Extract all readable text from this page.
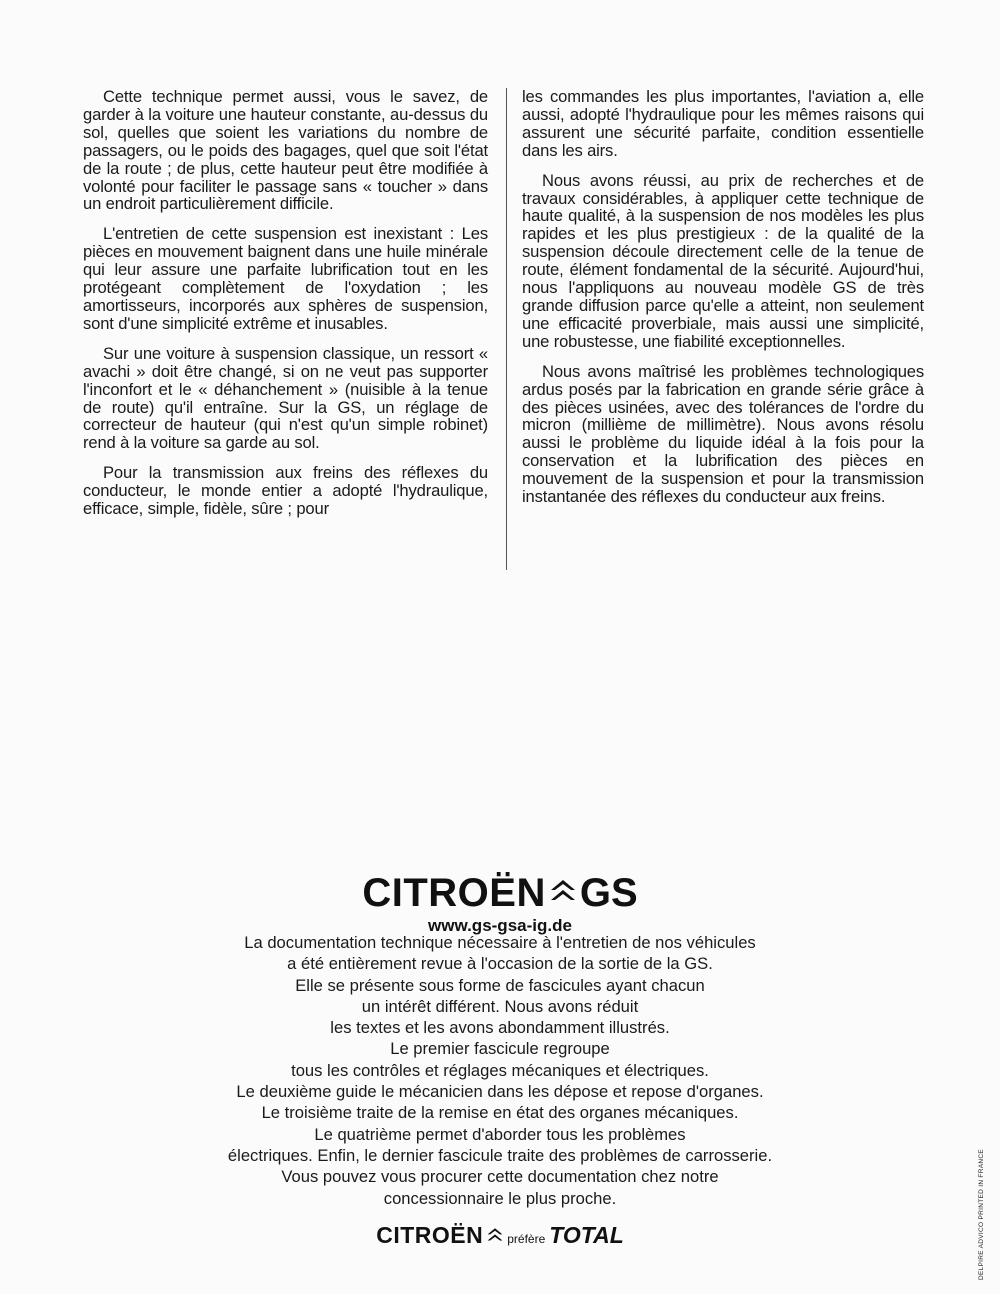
Cette technique permet aussi, vous le savez, de garder à la voiture une hauteur constante, au-dessus du sol, quelles que soient les variations du nombre de passagers, ou le poids des bagages, quel que soit l'état de la route ; de plus, cette hauteur peut être modifiée à volonté pour faciliter le passage sans « toucher » dans un endroit particulièrement difficile.

L'entretien de cette suspension est inexistant : Les pièces en mouvement baignent dans une huile minérale qui leur assure une parfaite lubrification tout en les protégeant complètement de l'oxydation ; les amortisseurs, incorporés aux sphères de suspension, sont d'une simplicité extrême et inusables.

Sur une voiture à suspension classique, un ressort « avachi » doit être changé, si on ne veut pas supporter l'inconfort et le « déhanchement » (nuisible à la tenue de route) qu'il entraîne. Sur la GS, un réglage de correcteur de hauteur (qui n'est qu'un simple robinet) rend à la voiture sa garde au sol.

Pour la transmission aux freins des réflexes du conducteur, le monde entier a adopté l'hydraulique, efficace, simple, fidèle, sûre ; pour

les commandes les plus importantes, l'aviation a, elle aussi, adopté l'hydraulique pour les mêmes raisons qui assurent une sécurité parfaite, condition essentielle dans les airs.

Nous avons réussi, au prix de recherches et de travaux considérables, à appliquer cette technique de haute qualité, à la suspension de nos modèles les plus rapides et les plus prestigieux : de la qualité de la suspension découle directement celle de la tenue de route, élément fondamental de la sécurité. Aujourd'hui, nous l'appliquons au nouveau modèle GS de très grande diffusion parce qu'elle a atteint, non seulement une efficacité proverbiale, mais aussi une simplicité, une robustesse, une fiabilité exceptionnelles.

Nous avons maîtrisé les problèmes technologiques ardus posés par la fabrication en grande série grâce à des pièces usinées, avec des tolérances de l'ordre du micron (millième de millimètre). Nous avons résolu aussi le problème du liquide idéal à la fois pour la conservation et la lubrification des pièces en mouvement de la suspension et pour la transmission instantanée des réflexes du conducteur aux freins.

CITROËN GS
www.gs-gsa-ig.de
La documentation technique nécessaire à l'entretien de nos véhicules
a été entièrement revue à l'occasion de la sortie de la GS.
Elle se présente sous forme de fascicules ayant chacun
un intérêt différent. Nous avons réduit
les textes et les avons abondamment illustrés.
Le premier fascicule regroupe
tous les contrôles et réglages mécaniques et électriques.
Le deuxième guide le mécanicien dans les dépose et repose d'organes.
Le troisième traite de la remise en état des organes mécaniques.
Le quatrième permet d'aborder tous les problèmes
électriques. Enfin, le dernier fascicule traite des problèmes de carrosserie.
Vous pouvez vous procurer cette documentation chez notre
concessionnaire le plus proche.
CITROËN préfère TOTAL	DELPIRE ADVICO PRINTED IN FRANCE
